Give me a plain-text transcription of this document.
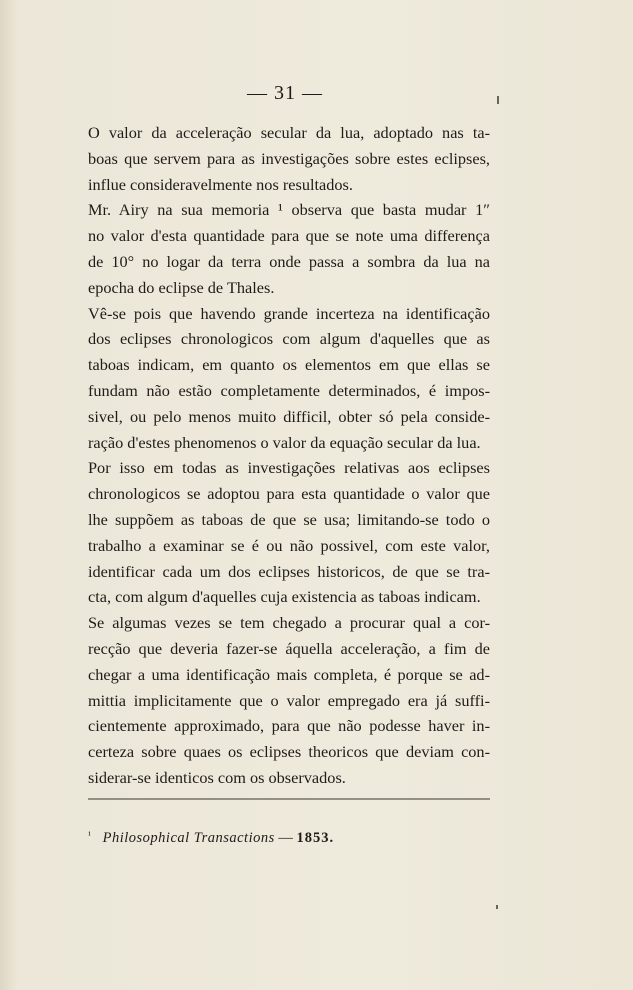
— 31 —

O valor da acceleração secular da lua, adoptado nas ta-
boas que servem para as investigações sobre estes eclipses,
influe consideravelmente nos resultados.

Mr. Airy na sua memoria ¹ observa que basta mudar 1″
no valor d'esta quantidade para que se note uma differença
de 10° no logar da terra onde passa a sombra da lua na
epocha do eclipse de Thales.

Vê-se pois que havendo grande incerteza na identificação
dos eclipses chronologicos com algum d'aquelles que as
taboas indicam, em quanto os elementos em que ellas se
fundam não estão completamente determinados, é impos-
sivel, ou pelo menos muito difficil, obter só pela conside-
ração d'estes phenomenos o valor da equação secular da lua.

Por isso em todas as investigações relativas aos eclipses
chronologicos se adoptou para esta quantidade o valor que
lhe suppõem as taboas de que se usa; limitando-se todo o
trabalho a examinar se é ou não possivel, com este valor,
identificar cada um dos eclipses historicos, de que se tra-
cta, com algum d'aquelles cuja existencia as taboas indicam.

Se algumas vezes se tem chegado a procurar qual a cor-
recção que deveria fazer-se áquella acceleração, a fim de
chegar a uma identificação mais completa, é porque se ad-
mittia implicitamente que o valor empregado era já suffi-
cientemente approximado, para que não podesse haver in-
certeza sobre quaes os eclipses theoricos que deviam con-
siderar-se identicos com os observados.

$^{^1}$ Philosophical Transactions — 1853.
